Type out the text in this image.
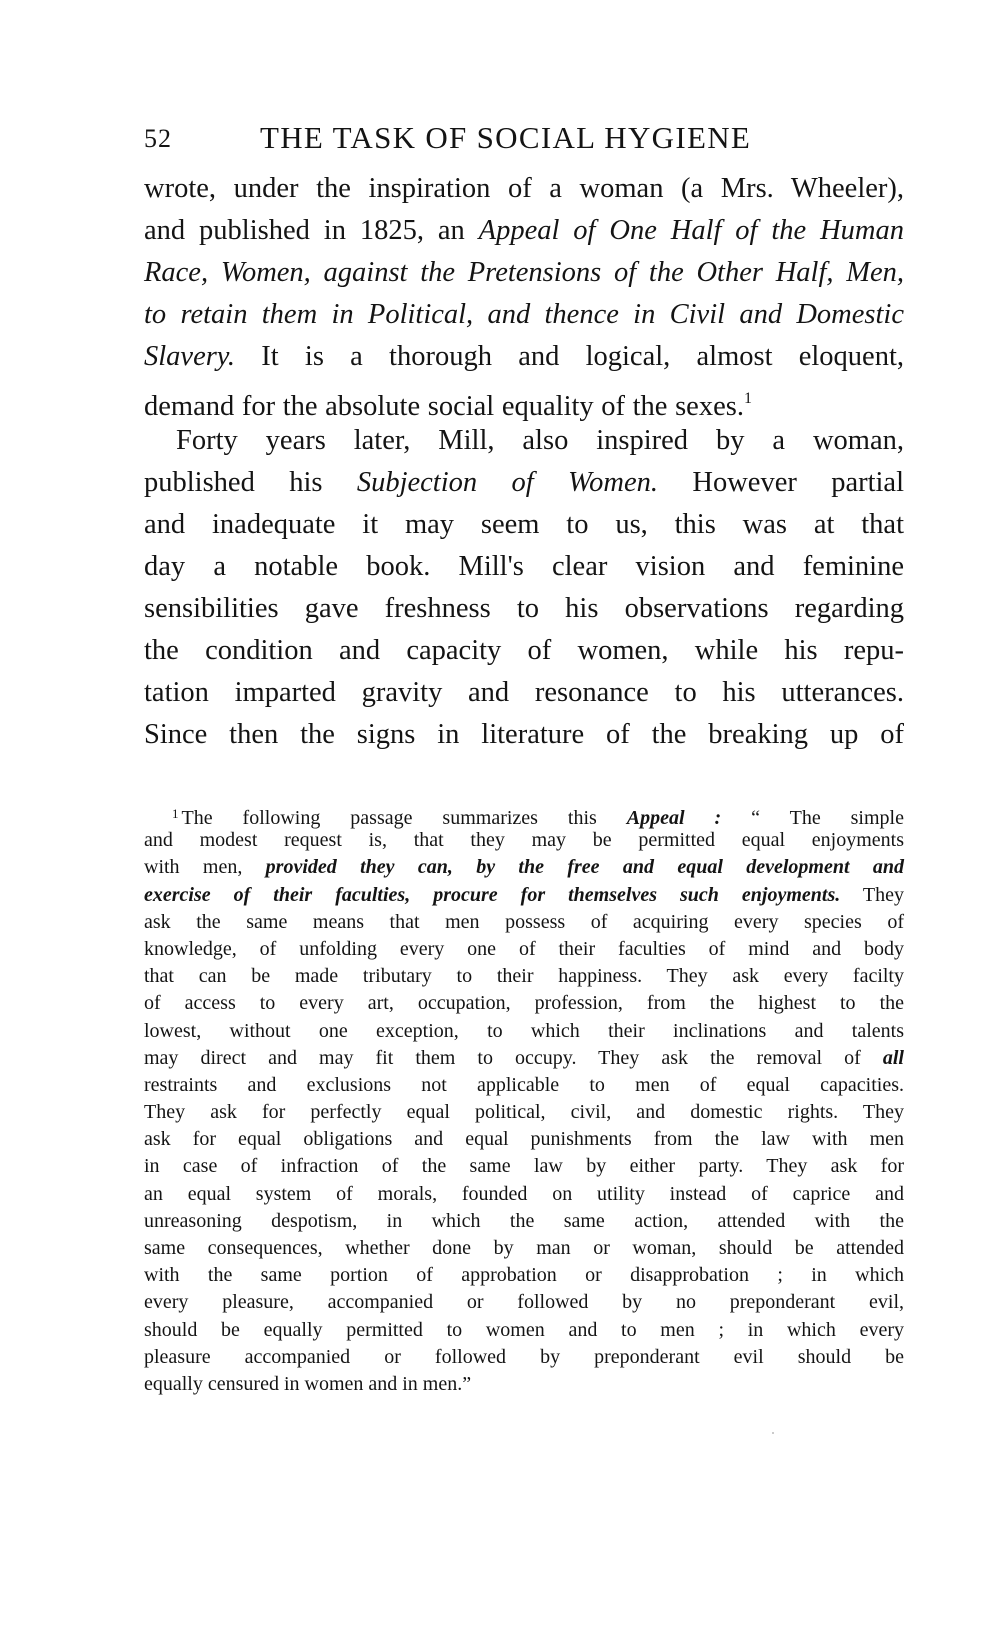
52	THE TASK OF SOCIAL HYGIENE
wrote, under the inspiration of a woman (a Mrs. Wheeler),
and published in 1825, an Appeal of One Half of the Human
Race, Women, against the Pretensions of the Other Half, Men,
to retain them in Political, and thence in Civil and Domestic
Slavery. It is a thorough and logical, almost eloquent,
demand for the absolute social equality of the sexes.$^1$
Forty years later, Mill, also inspired by a woman,
published his Subjection of Women. However partial
and inadequate it may seem to us, this was at that
day a notable book. Mill's clear vision and feminine
sensibilities gave freshness to his observations regarding
the condition and capacity of women, while his repu-
tation imparted gravity and resonance to his utterances.
Since then the signs in literature of the breaking up of
$^1$ The following passage summarizes this Appeal : “ The simple
and modest request is, that they may be permitted equal enjoyments
with men, provided they can, by the free and equal development and
exercise of their faculties, procure for themselves such enjoyments. They
ask the same means that men possess of acquiring every species of
knowledge, of unfolding every one of their faculties of mind and body
that can be made tributary to their happiness. They ask every facilty
of access to every art, occupation, profession, from the highest to the
lowest, without one exception, to which their inclinations and talents
may direct and may fit them to occupy. They ask the removal of all
restraints and exclusions not applicable to men of equal capacities.
They ask for perfectly equal political, civil, and domestic rights. They
ask for equal obligations and equal punishments from the law with men
in case of infraction of the same law by either party. They ask for
an equal system of morals, founded on utility instead of caprice and
unreasoning despotism, in which the same action, attended with the
same consequences, whether done by man or woman, should be attended
with the same portion of approbation or disapprobation ; in which
every pleasure, accompanied or followed by no preponderant evil,
should be equally permitted to women and to men ; in which every
pleasure accompanied or followed by preponderant evil should be
equally censured in women and in men.”
